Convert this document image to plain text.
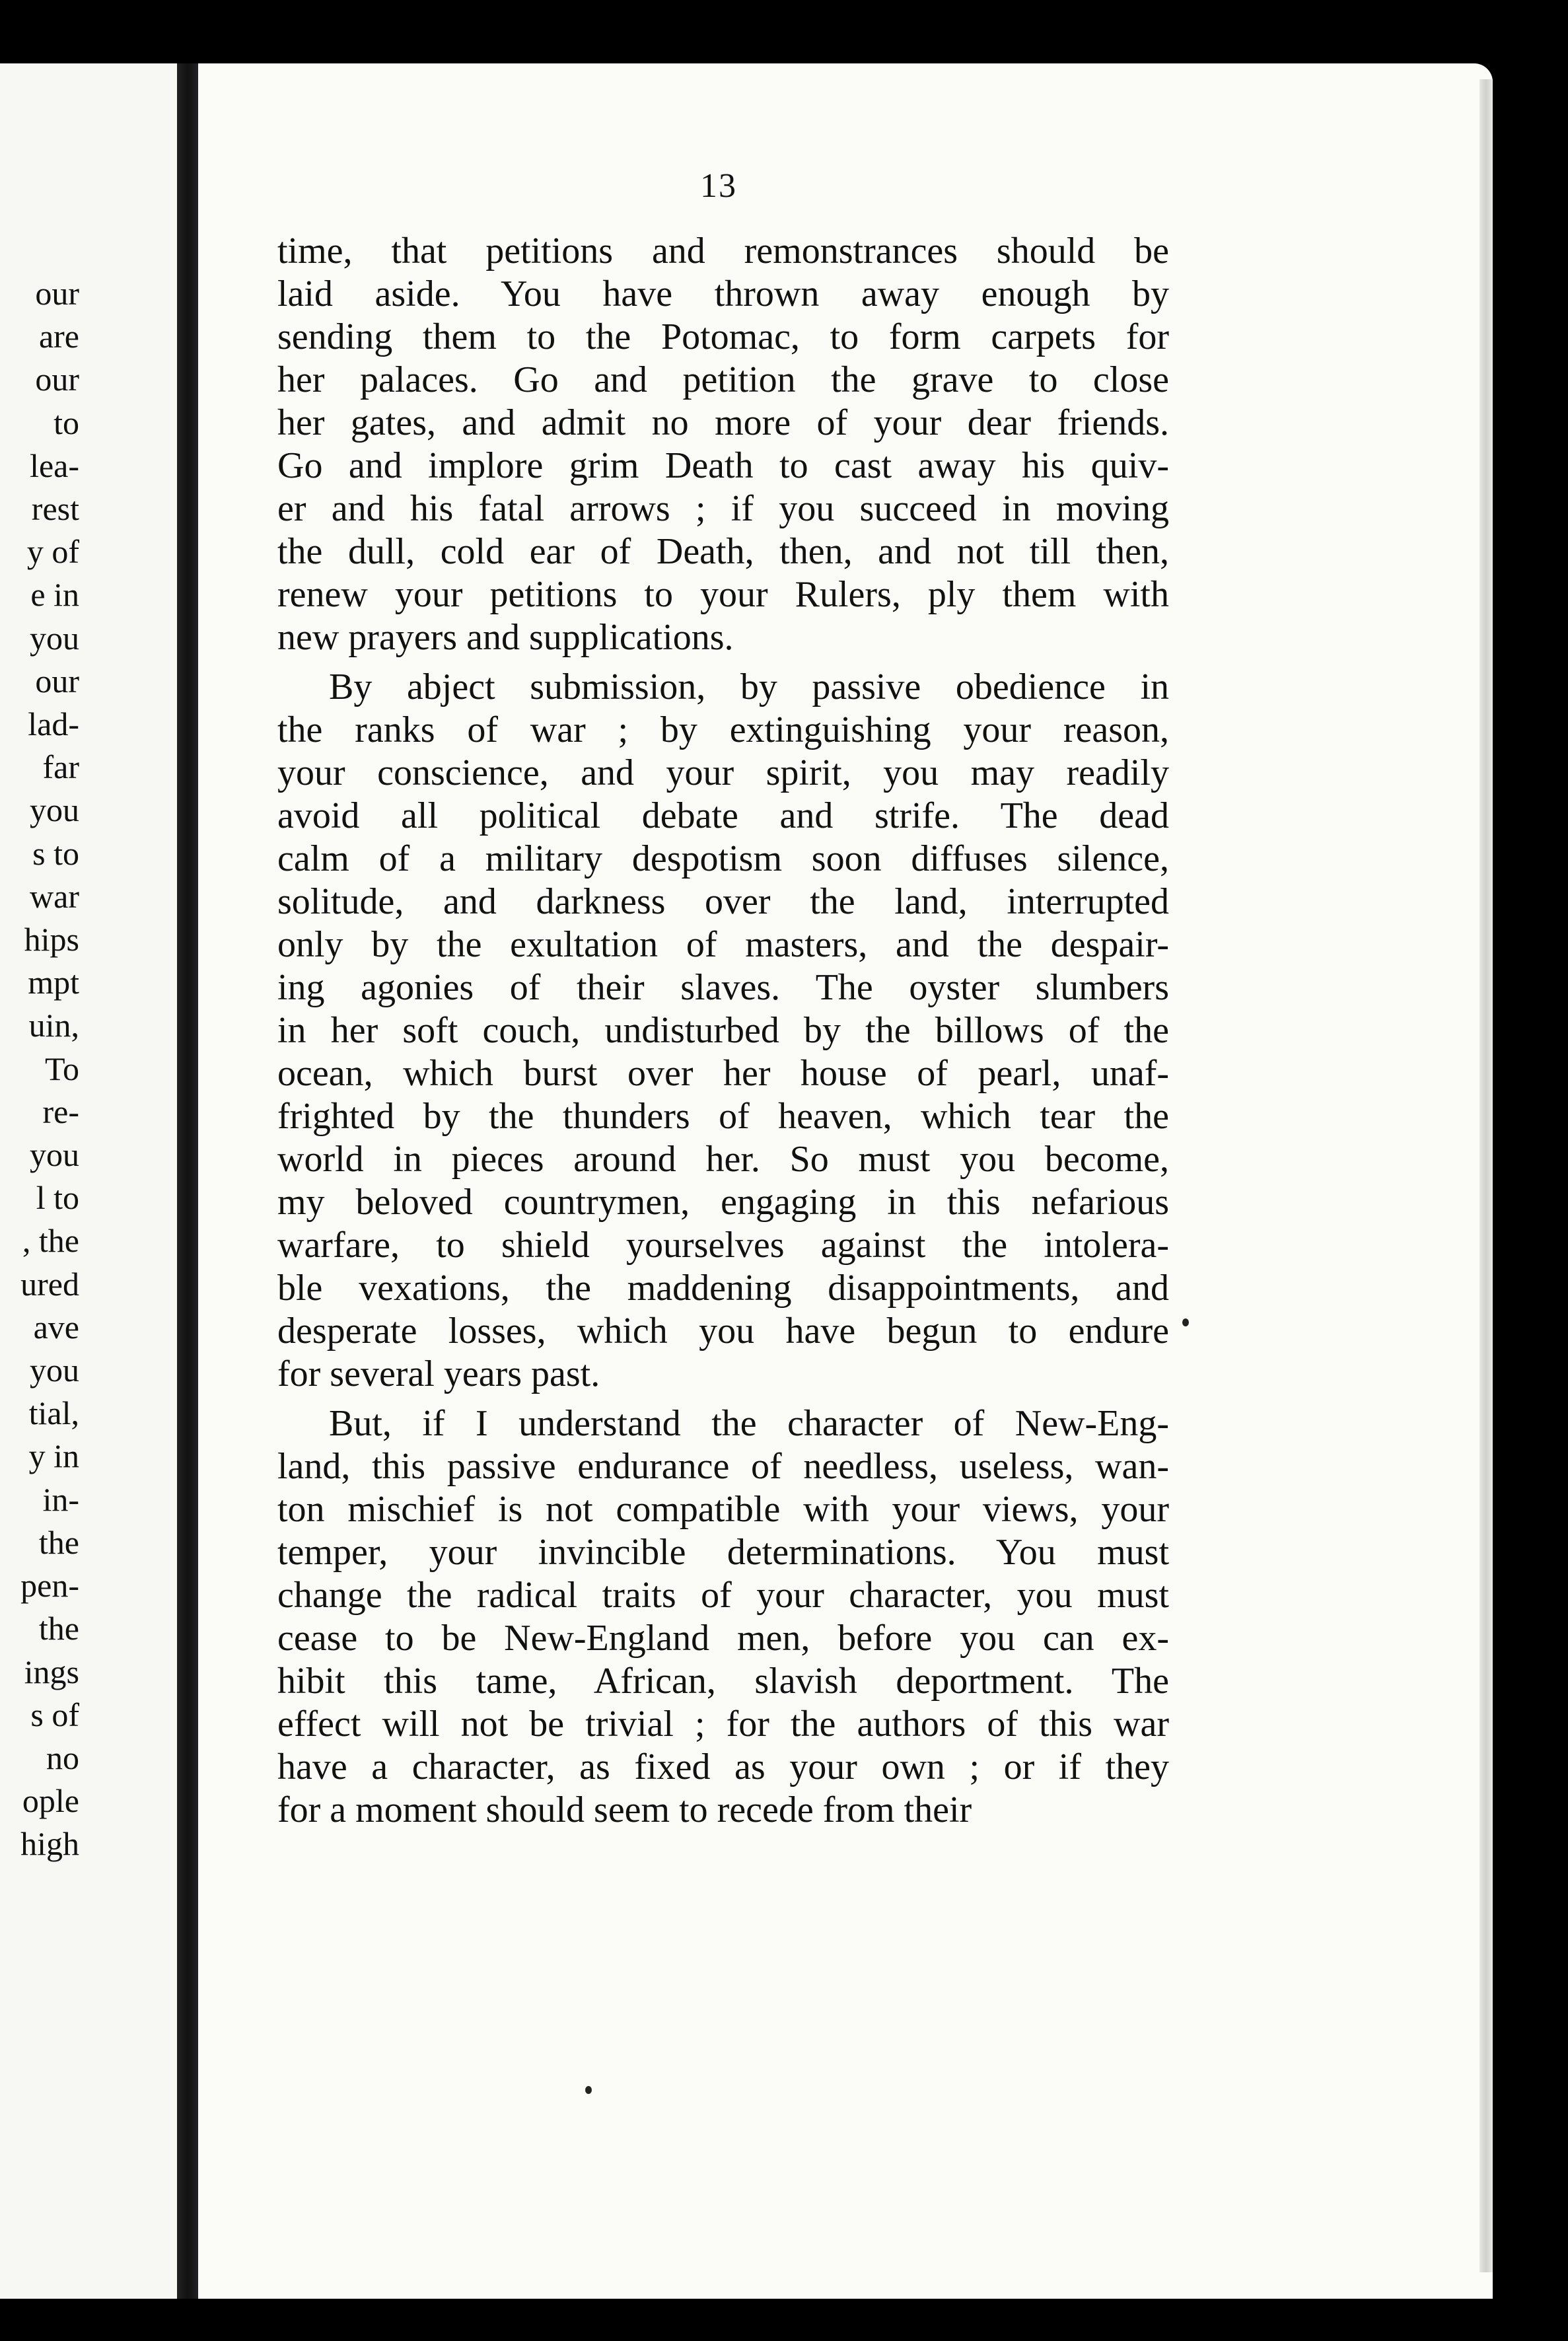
our
are
our
to
lea-
rest
y of
e in
you
our
lad-
far
you
s to
war
hips
mpt
uin,
To
re-
you
l to
, the
ured
ave
you
tial,
y in
in-
the
pen-
the
ings
s of
no
ople
high
13
time, that petitions and remonstrances should be
laid aside. You have thrown away enough by
sending them to the Potomac, to form carpets for
her palaces. Go and petition the grave to close
her gates, and admit no more of your dear friends.
Go and implore grim Death to cast away his quiv-
er and his fatal arrows ; if you succeed in moving
the dull, cold ear of Death, then, and not till then,
renew your petitions to your Rulers, ply them with
new prayers and supplications.
By abject submission, by passive obedience in
the ranks of war ; by extinguishing your reason,
your conscience, and your spirit, you may readily
avoid all political debate and strife. The dead
calm of a military despotism soon diffuses silence,
solitude, and darkness over the land, interrupted
only by the exultation of masters, and the despair-
ing agonies of their slaves. The oyster slumbers
in her soft couch, undisturbed by the billows of the
ocean, which burst over her house of pearl, unaf-
frighted by the thunders of heaven, which tear the
world in pieces around her. So must you become,
my beloved countrymen, engaging in this nefarious
warfare, to shield yourselves against the intolera-
ble vexations, the maddening disappointments, and
desperate losses, which you have begun to endure
for several years past.
But, if I understand the character of New-Eng-
land, this passive endurance of needless, useless, wan-
ton mischief is not compatible with your views, your
temper, your invincible determinations. You must
change the radical traits of your character, you must
cease to be New-England men, before you can ex-
hibit this tame, African, slavish deportment. The
effect will not be trivial ; for the authors of this war
have a character, as fixed as your own ; or if they
for a moment should seem to recede from their
